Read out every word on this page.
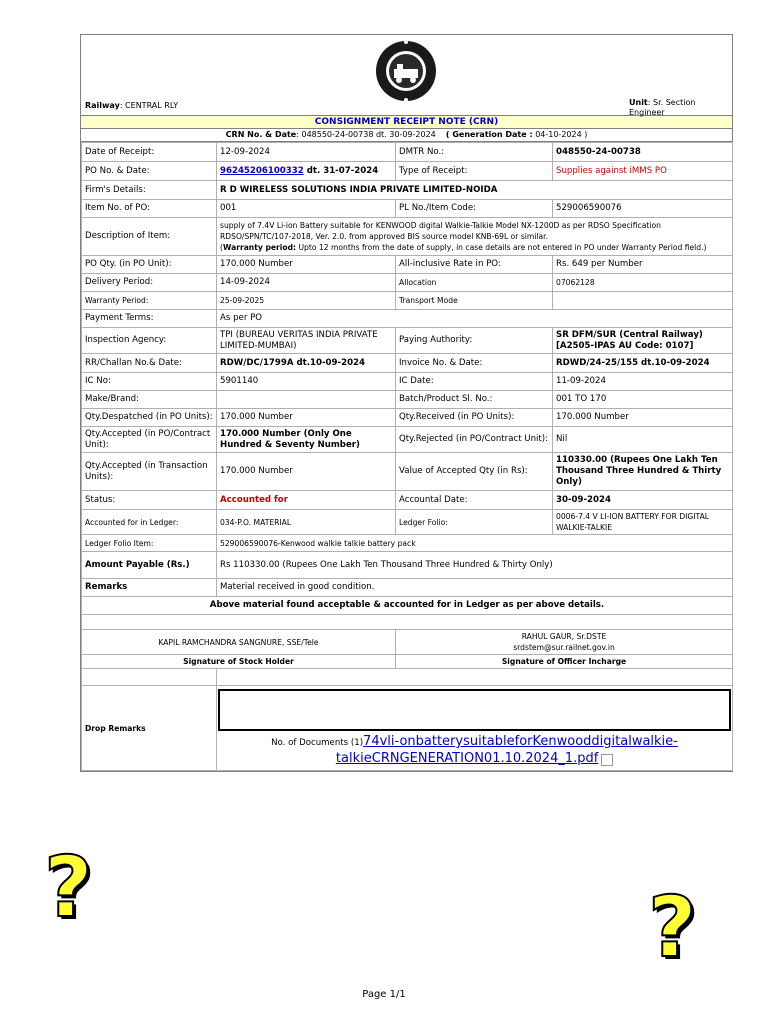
Railway: CENTRAL RLY	Unit: Sr. Section Engineer
CONSIGNMENT RECEIPT NOTE (CRN)
CRN No. & Date: 048550-24-00738 dt. 30-09-2024 ( Generation Date : 04-10-2024 )
Date of Receipt:	12-09-2024	DMTR No.:	048550-24-00738
PO No. & Date:	96245206100332 dt. 31-07-2024	Type of Receipt:	Supplies against iMMS PO
Firm's Details:	R D WIRELESS SOLUTIONS INDIA PRIVATE LIMITED-NOIDA		
Item No. of PO:	001	PL No./Item Code:	529006590076
Description of Item:	supply of 7.4V Li-ion Battery suitable for KENWOOD digital Walkie-Talkie Model NX-1200D as per RDSO Specification RDSO/SPN/TC/107-2018, Ver. 2.0. from approved BIS source model KNB-69L or similar.
(Warranty period: Upto 12 months from the date of supply, in case details are not entered in PO under Warranty Period field.)		
PO Qty. (in PO Unit):	170.000 Number	All-inclusive Rate in PO:	Rs. 649 per Number
Delivery Period:	14-09-2024	Allocation	07062128
Warranty Period:	25-09-2025	Transport Mode	
Payment Terms:	As per PO		
Inspection Agency:	TPI (BUREAU VERITAS INDIA PRIVATE LIMITED-MUMBAI)	Paying Authority:	SR DFM/SUR (Central Railway) [A2505-IPAS AU Code: 0107]
RR/Challan No.& Date:	RDW/DC/1799A dt.10-09-2024	Invoice No. & Date:	RDWD/24-25/155 dt.10-09-2024
IC No:	5901140	IC Date:	11-09-2024
Make/Brand:		Batch/Product Sl. No.:	001 TO 170
Qty.Despatched (in PO Units):	170.000 Number	Qty.Received (in PO Units):	170.000 Number
Qty.Accepted (in PO/Contract Unit):	170.000 Number (Only One Hundred & Seventy Number)	Qty.Rejected (in PO/Contract Unit):	Nil
Qty.Accepted (in Transaction Units):	170.000 Number	Value of Accepted Qty (in Rs):	110330.00 (Rupees One Lakh Ten Thousand Three Hundred & Thirty Only)
Status:	Accounted for	Accountal Date:	30-09-2024
Accounted for in Ledger:	034-P.O. MATERIAL	Ledger Folio:	0006-7.4 V LI-ION BATTERY FOR DIGITAL WALKIE-TALKIE
Ledger Folio Item:	529006590076-Kenwood walkie talkie battery pack		
Amount Payable (Rs.)	Rs 110330.00 (Rupees One Lakh Ten Thousand Three Hundred & Thirty Only)		
Remarks	Material received in good condition.		
Above material found acceptable & accounted for in Ledger as per above details.			

KAPIL RAMCHANDRA SANGNURE, SSE/Tele		RAHUL GAUR, Sr.DSTE
srdstem@sur.railnet.gov.in	
Signature of Stock Holder		Signature of Officer Incharge	

Drop Remarks	No. of Documents (1)74vli-onbatterysuitableforKenwooddigitalwalkie-talkieCRNGENERATION01.10.2024_1.pdf		
?	?
Page 1/1
